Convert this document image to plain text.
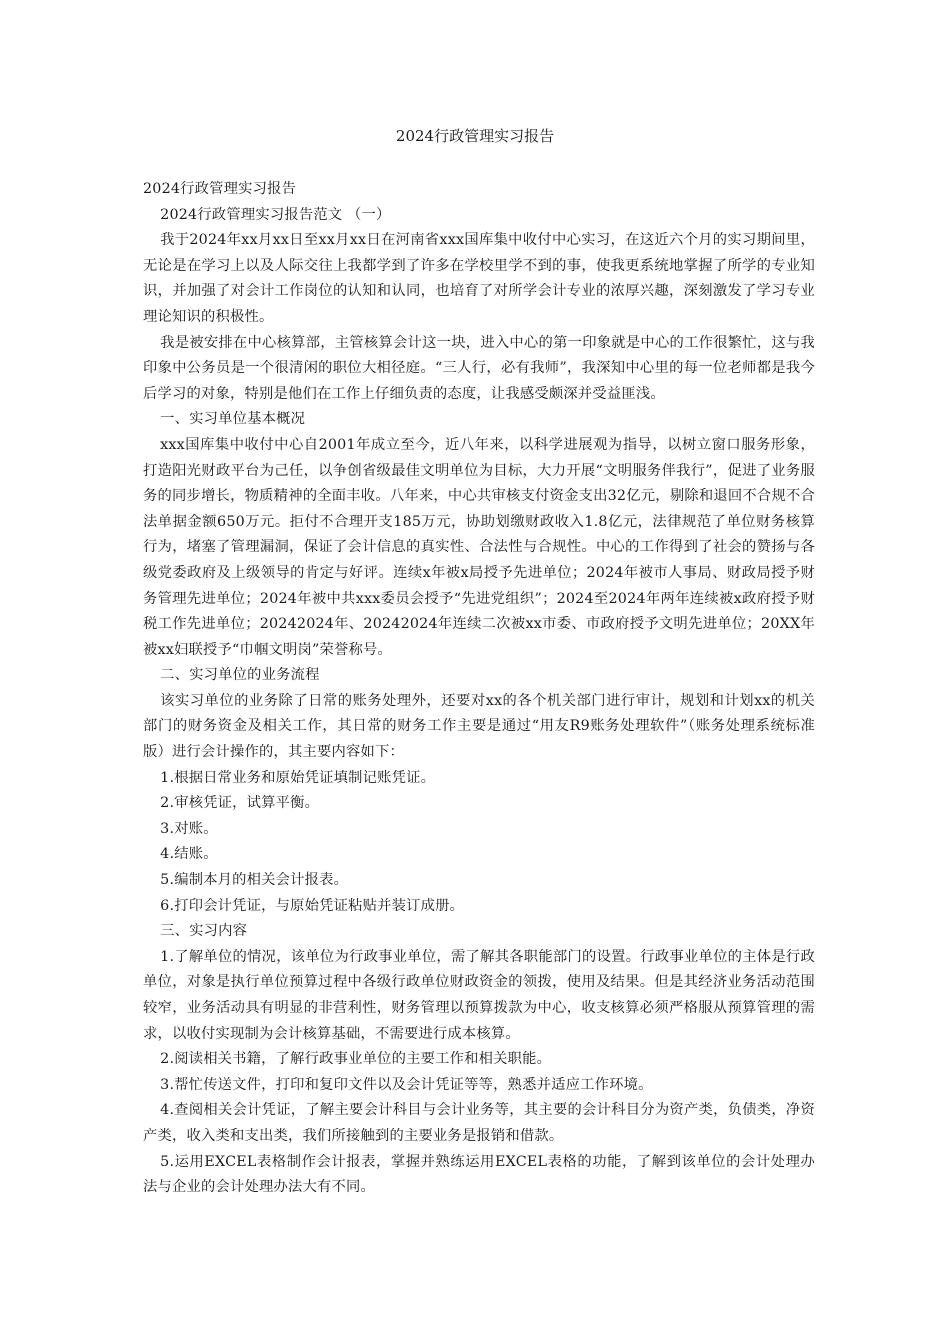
2024行政管理实习报告

2024行政管理实习报告

2024行政管理实习报告范文 （一）

我于2024年xx月xx日至xx月xx日在河南省xxx国库集中收付中心实习，在这近六个月的实习期间里，无论是在学习上以及人际交往上我都学到了许多在学校里学不到的事，使我更系统地掌握了所学的专业知识，并加强了对会计工作岗位的认知和认同，也培育了对所学会计专业的浓厚兴趣，深刻激发了学习专业理论知识的积极性。

我是被安排在中心核算部，主管核算会计这一块，进入中心的第一印象就是中心的工作很繁忙，这与我印象中公务员是一个很清闲的职位大相径庭。“三人行，必有我师”，我深知中心里的每一位老师都是我今后学习的对象，特别是他们在工作上仔细负责的态度，让我感受颇深并受益匪浅。

一、实习单位基本概况

xxx国库集中收付中心自2001年成立至今，近八年来，以科学进展观为指导，以树立窗口服务形象，打造阳光财政平台为己任，以争创省级最佳文明单位为目标，大力开展“文明服务伴我行”，促进了业务服务的同步增长，物质精神的全面丰收。八年来，中心共审核支付资金支出32亿元，剔除和退回不合规不合法单据金额650万元。拒付不合理开支185万元，协助划缴财政收入1.8亿元，法律规范了单位财务核算行为，堵塞了管理漏洞，保证了会计信息的真实性、合法性与合规性。中心的工作得到了社会的赞扬与各级党委政府及上级领导的肯定与好评。连续x年被x局授予先进单位；2024年被市人事局、财政局授予财务管理先进单位；2024年被中共xxx委员会授予“先进党组织”；2024至2024年两年连续被x政府授予财税工作先进单位；20242024年、20242024年连续二次被xx市委、市政府授予文明先进单位；20XX年被xx妇联授予“巾帼文明岗”荣誉称号。

二、实习单位的业务流程

该实习单位的业务除了日常的账务处理外，还要对xx的各个机关部门进行审计，规划和计划xx的机关部门的财务资金及相关工作，其日常的财务工作主要是通过“用友R9账务处理软件”（账务处理系统标准版）进行会计操作的，其主要内容如下：

1.根据日常业务和原始凭证填制记账凭证。

2.审核凭证，试算平衡。

3.对账。

4.结账。

5.编制本月的相关会计报表。

6.打印会计凭证，与原始凭证粘贴并装订成册。

三、实习内容

1.了解单位的情况，该单位为行政事业单位，需了解其各职能部门的设置。行政事业单位的主体是行政单位，对象是执行单位预算过程中各级行政单位财政资金的领拨，使用及结果。但是其经济业务活动范围较窄，业务活动具有明显的非营利性，财务管理以预算拨款为中心，收支核算必须严格服从预算管理的需求，以收付实现制为会计核算基础，不需要进行成本核算。

2.阅读相关书籍，了解行政事业单位的主要工作和相关职能。

3.帮忙传送文件，打印和复印文件以及会计凭证等等，熟悉并适应工作环境。

4.查阅相关会计凭证，了解主要会计科目与会计业务等，其主要的会计科目分为资产类，负债类，净资产类，收入类和支出类，我们所接触到的主要业务是报销和借款。

5.运用EXCEL表格制作会计报表，掌握并熟练运用EXCEL表格的功能，了解到该单位的会计处理办法与企业的会计处理办法大有不同。
